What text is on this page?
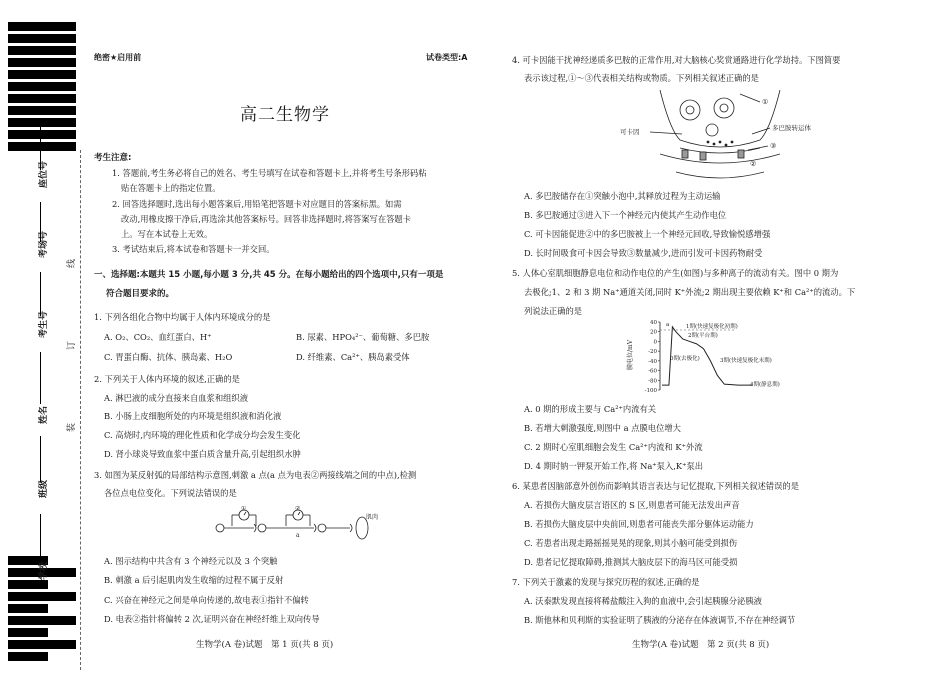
座位号
考场号
考生号
姓名
班级
学校
线
订
装
绝密★启用前	试卷类型:A
高二生物学
考生注意:
1. 答题前,考生务必将自己的姓名、考生号填写在试卷和答题卡上,并将考生号条形码粘
贴在答题卡上的指定位置。
2. 回答选择题时,选出每小题答案后,用铅笔把答题卡对应题目的答案标黑。如需
改动,用橡皮擦干净后,再选涂其他答案标号。回答非选择题时,将答案写在答题卡
上。写在本试卷上无效。
3. 考试结束后,将本试卷和答题卡一并交回。
一、选择题:本题共 15 小题,每小题 3 分,共 45 分。在每小题给出的四个选项中,只有一项是
符合题目要求的。
1. 下列各组化合物中均属于人体内环境成分的是
A. O₂、CO₂、血红蛋白、H⁺	B. 尿素、HPO₄²⁻、葡萄糖、多巴胺
C. 胃蛋白酶、抗体、胰岛素、H₂O	D. 纤维素、Ca²⁺、胰岛素受体
2. 下列关于人体内环境的叙述,正确的是
A. 淋巴液的成分直接来自血浆和组织液
B. 小肠上皮细胞所处的内环境是组织液和消化液
C. 高烧时,内环境的理化性质和化学成分均会发生变化
D. 肾小球炎导致血浆中蛋白质含量升高,引起组织水肿
3. 如图为某反射弧的局部结构示意图,刺激 a 点(a 点为电表②两接线端之间的中点),检测
各位点电位变化。下列说法错误的是
①	②
a
肌肉
A. 图示结构中共含有 3 个神经元以及 3 个突触
B. 刺激 a 后引起肌肉发生收缩的过程不属于反射
C. 兴奋在神经元之间是单向传递的,故电表①指针不偏转
D. 电表②指针将偏转 2 次,证明兴奋在神经纤维上双向传导
生物学(A 卷)试题　第 1 页(共 8 页)
4. 可卡因能干扰神经递质多巴胺的正常作用,对大脑核心奖赏通路进行化学劫持。下图简要
表示该过程,①～③代表相关结构或物质。下列相关叙述正确的是
可卡因	多巴胺转运体
①
③
②
A. 多巴胺储存在①突触小泡中,其释放过程为主动运输
B. 多巴胺通过③进入下一个神经元内使其产生动作电位
C. 可卡因能促进②中的多巴胺被上一个神经元回收,导致愉悦感增强
D. 长时间吸食可卡因会导致③数量减少,进而引发可卡因药物耐受
5. 人体心室肌细胞静息电位和动作电位的产生(如图)与多种离子的流动有关。图中 0 期为
去极化;1、2 和 3 期 Na⁺通道关闭,同时 K⁺外流;2 期出现主要依赖 K⁺和 Ca²⁺的流动。下
列说法正确的是
膜电位/mV
40
20
0
-20
-40
-60
-80
-100
1期(快速复极化初期)
2期(平台期)
0期(去极化)	3期(快速复极化末期)
4期(静息期)
a
A. 0 期的形成主要与 Ca²⁺内流有关
B. 若增大刺激强度,则图中 a 点膜电位增大
C. 2 期时心室肌细胞会发生 Ca²⁺内流和 K⁺外流
D. 4 期时钠一钾泵开始工作,将 Na⁺泵入,K⁺泵出
6. 某患者因脑部意外创伤而影响其语言表达与记忆提取,下列相关叙述错误的是
A. 若损伤大脑皮层言语区的 S 区,则患者可能无法发出声音
B. 若损伤大脑皮层中央前回,则患者可能丧失部分躯体运动能力
C. 若患者出现走路摇摇晃晃的现象,则其小脑可能受到损伤
D. 患者记忆提取障碍,推测其大脑皮层下的海马区可能受损
7. 下列关于激素的发现与探究历程的叙述,正确的是
A. 沃泰默发现直接将稀盐酸注入狗的血液中,会引起胰腺分泌胰液
B. 斯他林和贝利斯的实验证明了胰液的分泌存在体液调节,不存在神经调节
生物学(A 卷)试题　第 2 页(共 8 页)
